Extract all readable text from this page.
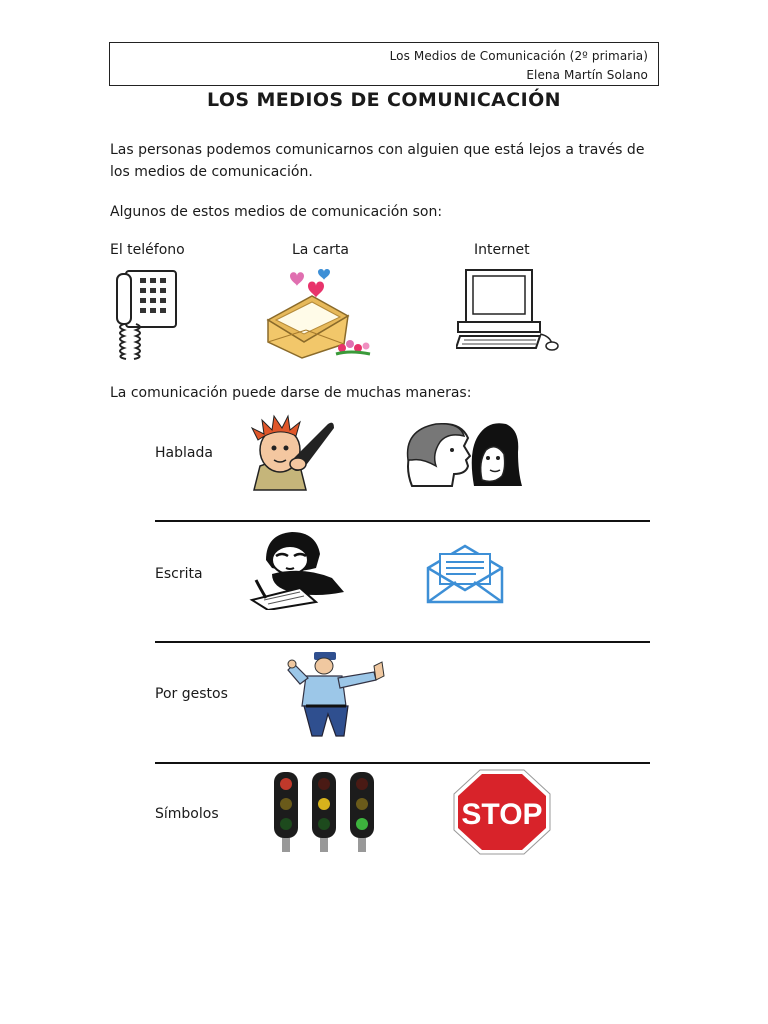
Los Medios de Comunicación (2º primaria)
Elena Martín Solano
LOS MEDIOS DE COMUNICACIÓN
Las personas podemos comunicarnos con alguien que está lejos a través de
los medios de comunicación.
Algunos de estos medios de comunicación son:
El teléfono	La carta	Internet
La comunicación puede darse de muchas maneras:
Hablada
Escrita
Por gestos
Símbolos	STOP
